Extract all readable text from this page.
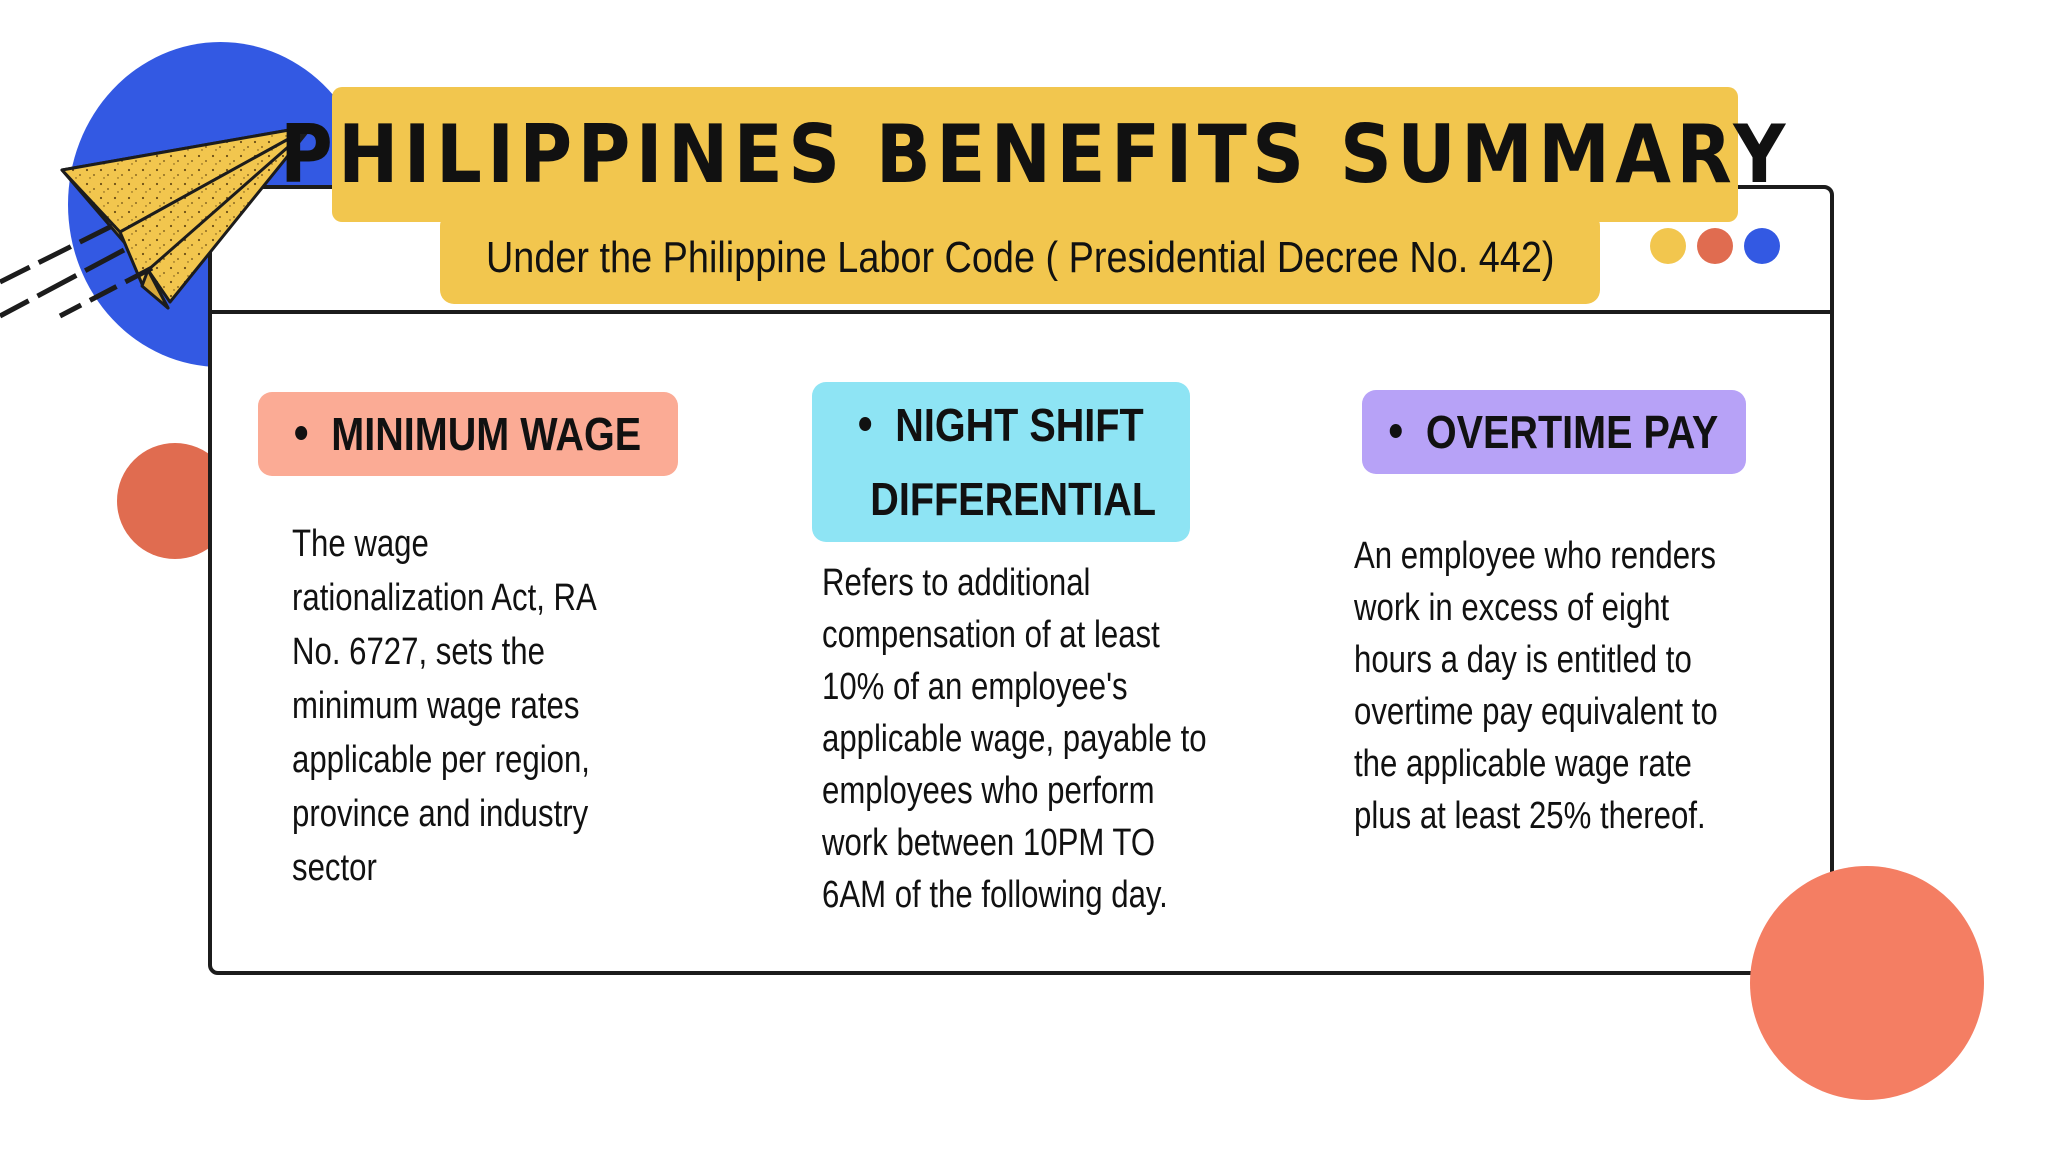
PHILIPPINES BENEFITS SUMMARY
Under the Philippine Labor Code ( Presidential Decree No. 442)
MINIMUM WAGE	NIGHT SHIFT
DIFFERENTIAL
OVERTIME PAY
The wage
rationalization Act, RA
No. 6727, sets the
minimum wage rates
applicable per region,
province and industry
sector
Refers to additional
compensation of at least
10% of an employee's
applicable wage, payable to
employees who perform
work between 10PM TO
6AM of the following day.
An employee who renders
work in excess of eight
hours a day is entitled to
overtime pay equivalent to
the applicable wage rate
plus at least 25% thereof.
